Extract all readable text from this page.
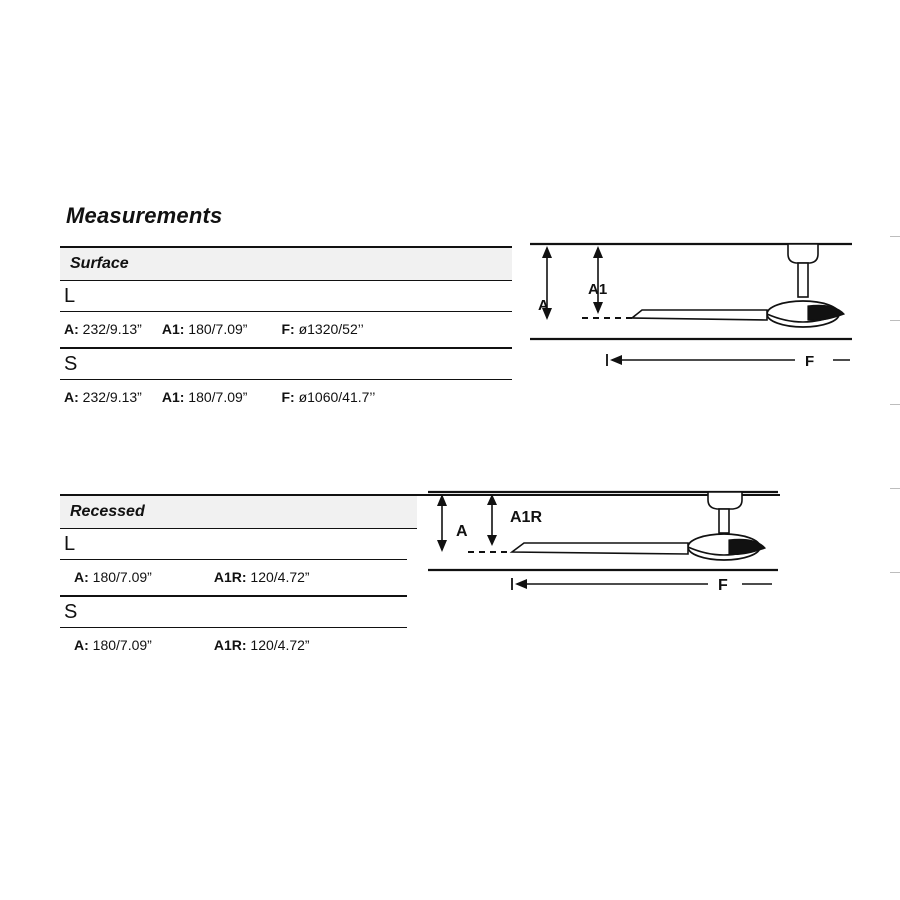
Measurements
Surface
L
A: 232/9.13” A1: 180/7.09” F: ø1320/52’’
S
A: 232/9.13” A1: 180/7.09” F: ø1060/41.7’’
Recessed
L
A: 180/7.09”	A1R: 120/4.72”
S
A: 180/7.09”	A1R: 120/4.72”
A
A1
F
A
A1R
F
